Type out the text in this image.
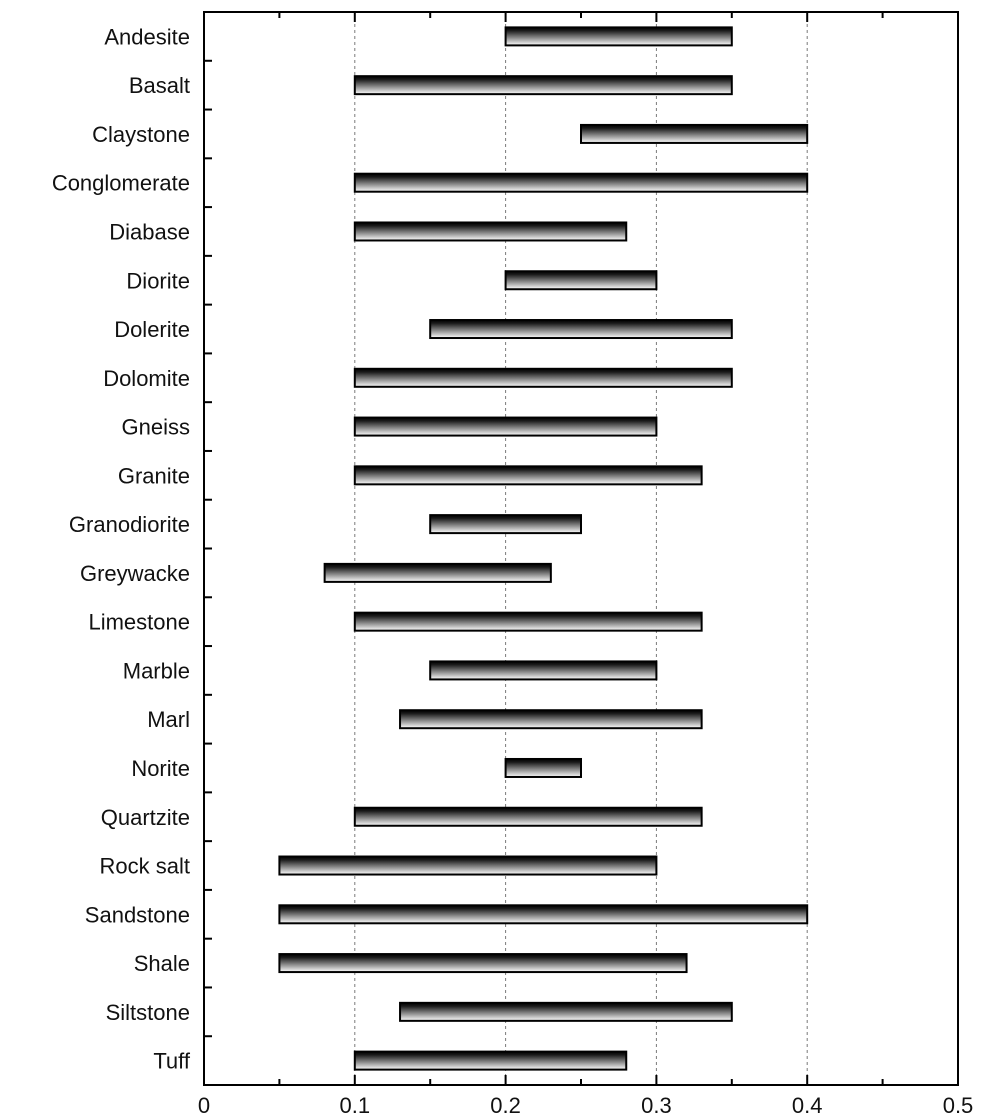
Andesite
Basalt
Claystone
Conglomerate
Diabase
Diorite
Dolerite
Dolomite
Gneiss
Granite
Granodiorite
Greywacke
Limestone
Marble
Marl
Norite
Quartzite
Rock salt
Sandstone
Shale
Siltstone
Tuff
0	0.1	0.2	0.3	0.4	0.5
